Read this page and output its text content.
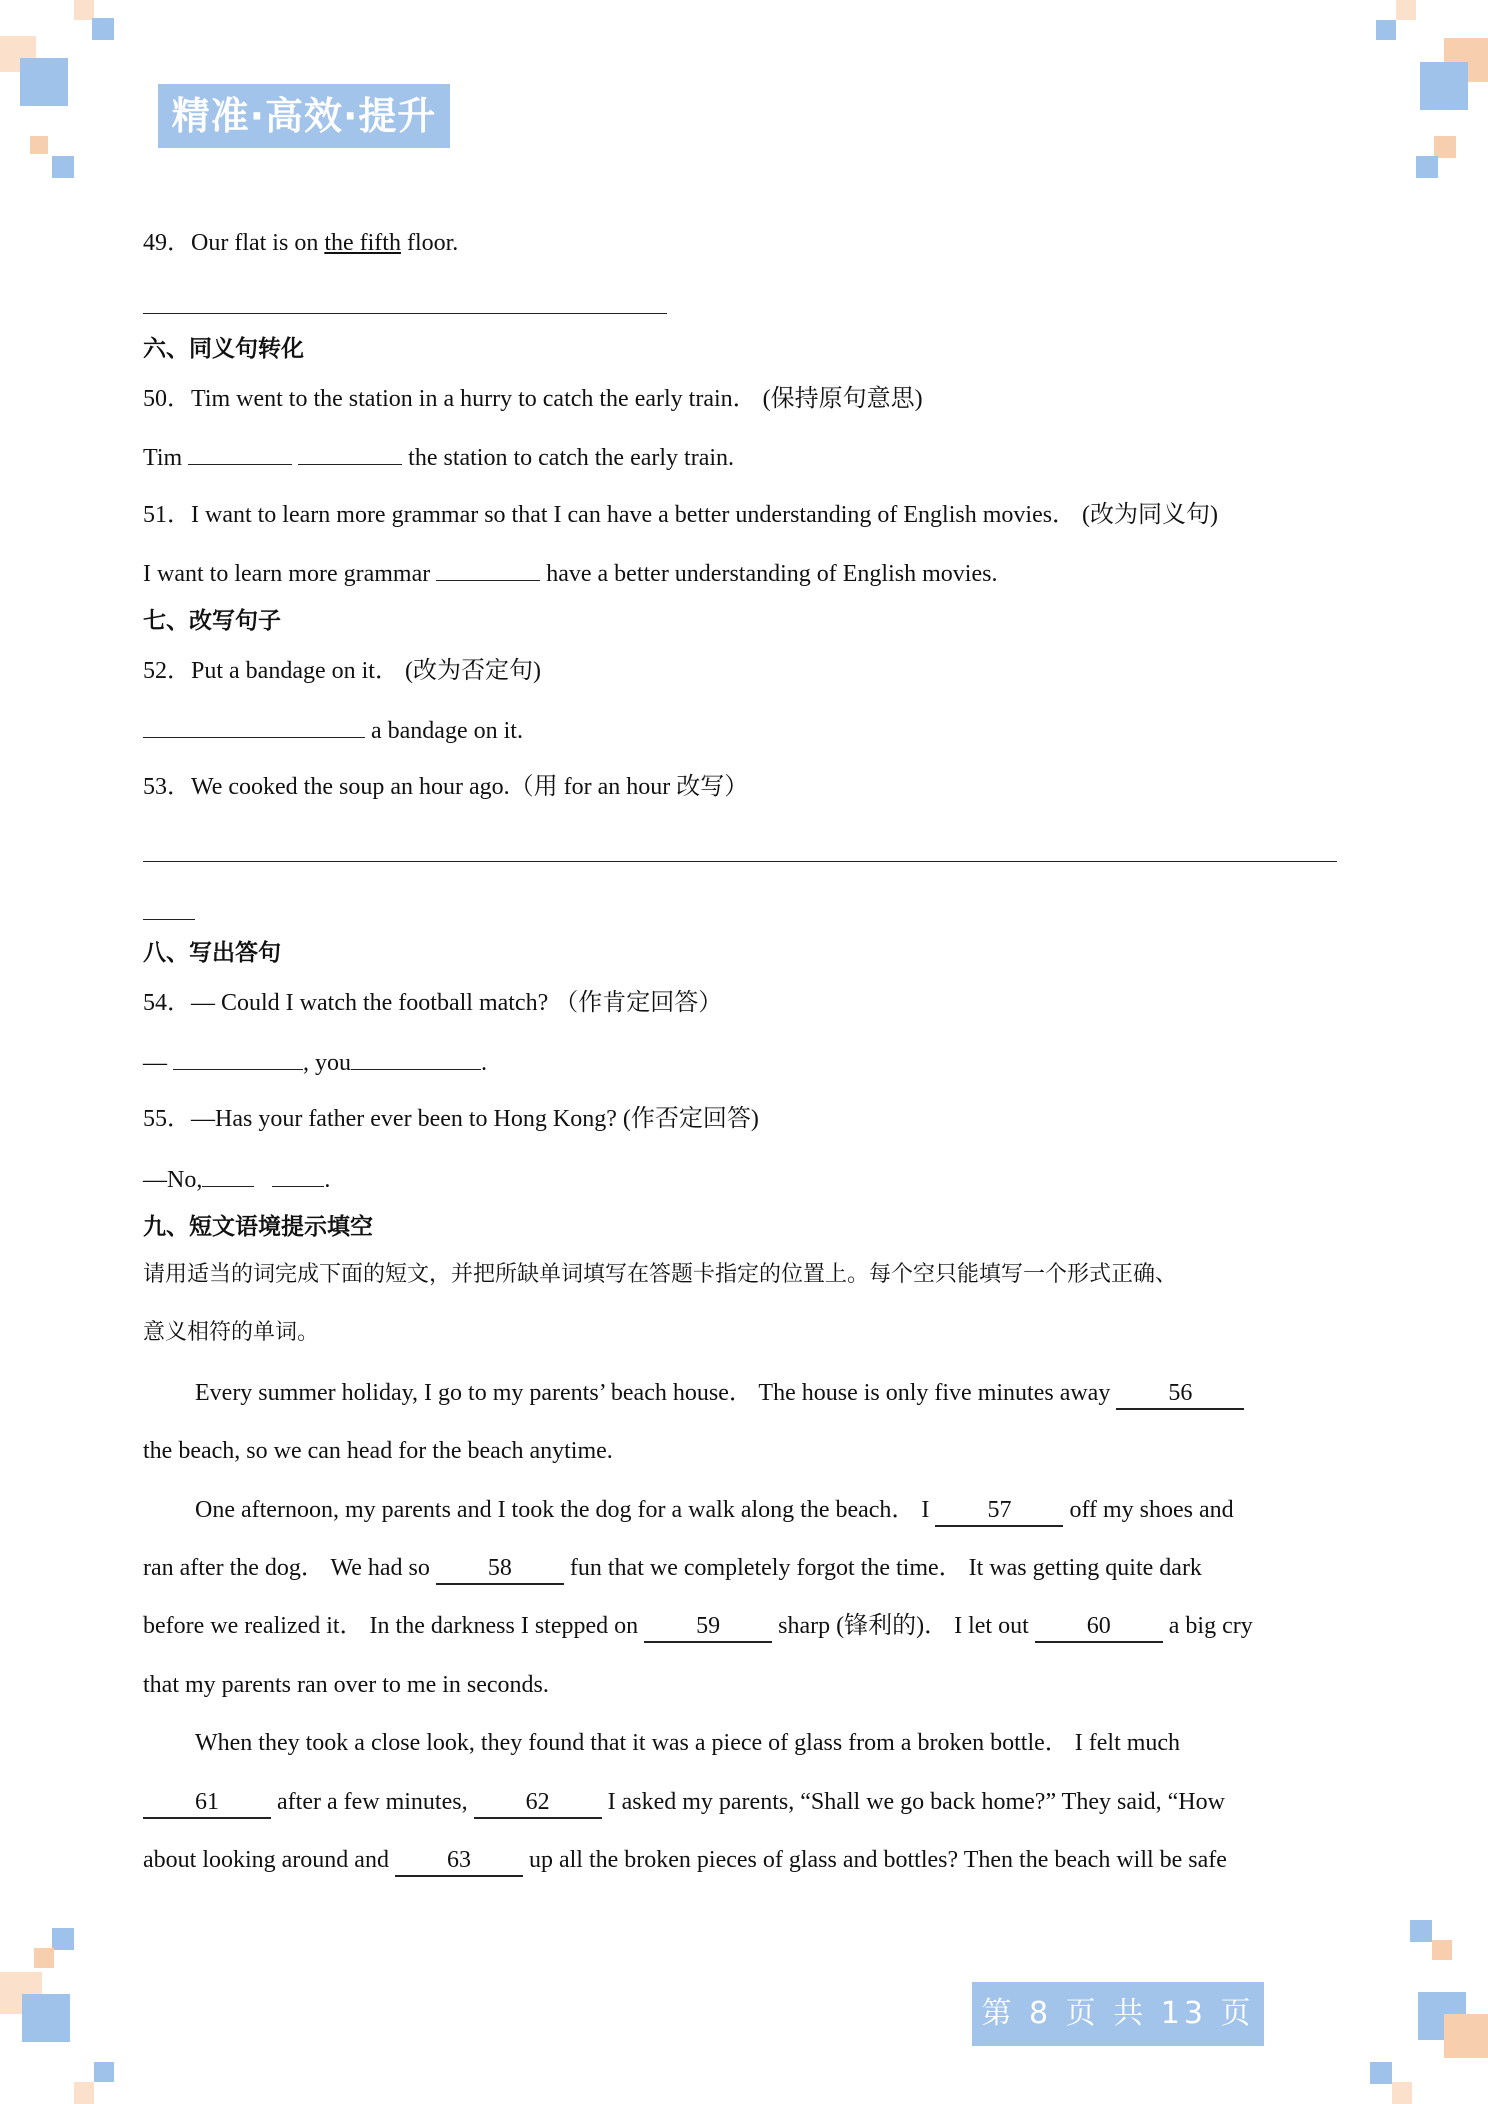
精准·高效·提升
49．Our flat is on the fifth floor.
六、同义句转化
50．Tim went to the station in a hurry to catch the early train． (保持原句意思)
Tim	the station to catch the early train.
51．I want to learn more grammar so that I can have a better understanding of English movies． (改为同义句)
I want to learn more grammar	have a better understanding of English movies.
七、改写句子
52．Put a bandage on it． (改为否定句)
a bandage on it.
53．We cooked the soup an hour ago.（用 for an hour 改写）
八、写出答句
54．— Could I watch the football match? （作肯定回答）
—	, you	.
55．—Has your father ever been to Hong Kong? (作否定回答)
—No,	.
九、短文语境提示填空
请用适当的词完成下面的短文，并把所缺单词填写在答题卡指定的位置上。每个空只能填写一个形式正确、
意义相符的单词。
Every summer holiday, I go to my parents’ beach house． The house is only five minutes away 56
the beach, so we can head for the beach anytime.
One afternoon, my parents and I took the dog for a walk along the beach． I 57 off my shoes and
ran after the dog． We had so 58 fun that we completely forgot the time． It was getting quite dark
before we realized it． In the darkness I stepped on 59 sharp (锋利的)． I let out 60 a big cry
that my parents ran over to me in seconds.
When they took a close look, they found that it was a piece of glass from a broken bottle． I felt much
61 after a few minutes, 62 I asked my parents, “Shall we go back home?” They said, “How
about looking around and 63 up all the broken pieces of glass and bottles? Then the beach will be safe
第 8 页 共 13 页
